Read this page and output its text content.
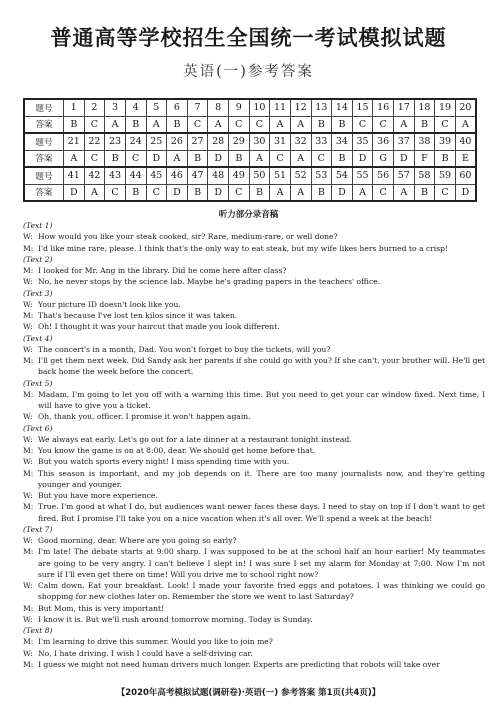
普通高等学校招生全国统一考试模拟试题
英语(一)参考答案
题号	1	2	3	4	5	6	7	8	9	10	11	12	13	14	15	16	17	18	19	20
答案	B	C	A	B	A	B	C	A	C	C	A	A	B	B	C	C	A	B	C	A
题号	21	22	23	24	25	26	27	28	29	30	31	32	33	34	35	36	37	38	39	40
答案	A	C	B	C	D	A	B	D	B	A	C	A	C	B	D	G	D	F	B	E
题号	41	42	43	44	45	46	47	48	49	50	51	52	53	54	55	56	57	58	59	60
答案	D	A	C	B	C	D	B	D	C	B	A	A	B	D	A	C	A	B	C	D
听力部分录音稿
(Text 1)
W: How would you like your steak cooked, sir? Rare, medium-rare, or well done?
M: I'd like mine rare, please. I think that's the only way to eat steak, but my wife likes hers burned to a crisp!
(Text 2)
M: I looked for Mr. Ang in the library. Did he come here after class?
W: No, he never stops by the science lab. Maybe he's grading papers in the teachers' office.
(Text 3)
W: Your picture ID doesn't look like you.
M: That's because I've lost ten kilos since it was taken.
W: Oh! I thought it was your haircut that made you look different.
(Text 4)
W: The concert's in a month, Dad. You won't forget to buy the tickets, will you?
M: I'll get them next week. Did Sandy ask her parents if she could go with you? If she can't, your brother will. He'll get back home the week before the concert.
(Text 5)
M: Madam, I'm going to let you off with a warning this time. But you need to get your car window fixed. Next time, I will have to give you a ticket.
W: Oh, thank you, officer. I promise it won't happen again.
(Text 6)
W: We always eat early. Let's go out for a late dinner at a restaurant tonight instead.
M: You know the game is on at 8:00, dear. We should get home before that.
W: But you watch sports every night! I miss spending time with you.
M: This season is important, and my job depends on it. There are too many journalists now, and they're getting younger and younger.
W: But you have more experience.
M: True. I'm good at what I do, but audiences want newer faces these days. I need to stay on top if I don't want to get fired. But I promise I'll take you on a nice vacation when it's all over. We'll spend a week at the beach!
(Text 7)
W: Good morning, dear. Where are you going so early?
M: I'm late! The debate starts at 9:00 sharp. I was supposed to be at the school half an hour earlier! My teammates are going to be very angry. I can't believe I slept in! I was sure I set my alarm for Monday at 7:00. Now I'm not sure if I'll even get there on time! Will you drive me to school right now?
W: Calm down. Eat your breakfast. Look! I made your favorite fried eggs and potatoes. I was thinking we could go shopping for new clothes later on. Remember the store we went to last Saturday?
M: But Mom, this is very important!
W: I know it is. But we'll rush around tomorrow morning. Today is Sunday.
(Text 8)
M: I'm learning to drive this summer. Would you like to join me?
W: No, I hate driving. I wish I could have a self-driving car.
M: I guess we might not need human drivers much longer. Experts are predicting that robots will take over
【2020年高考模拟试题(调研卷)·英语(一) 参考答案 第1页(共4页)】
